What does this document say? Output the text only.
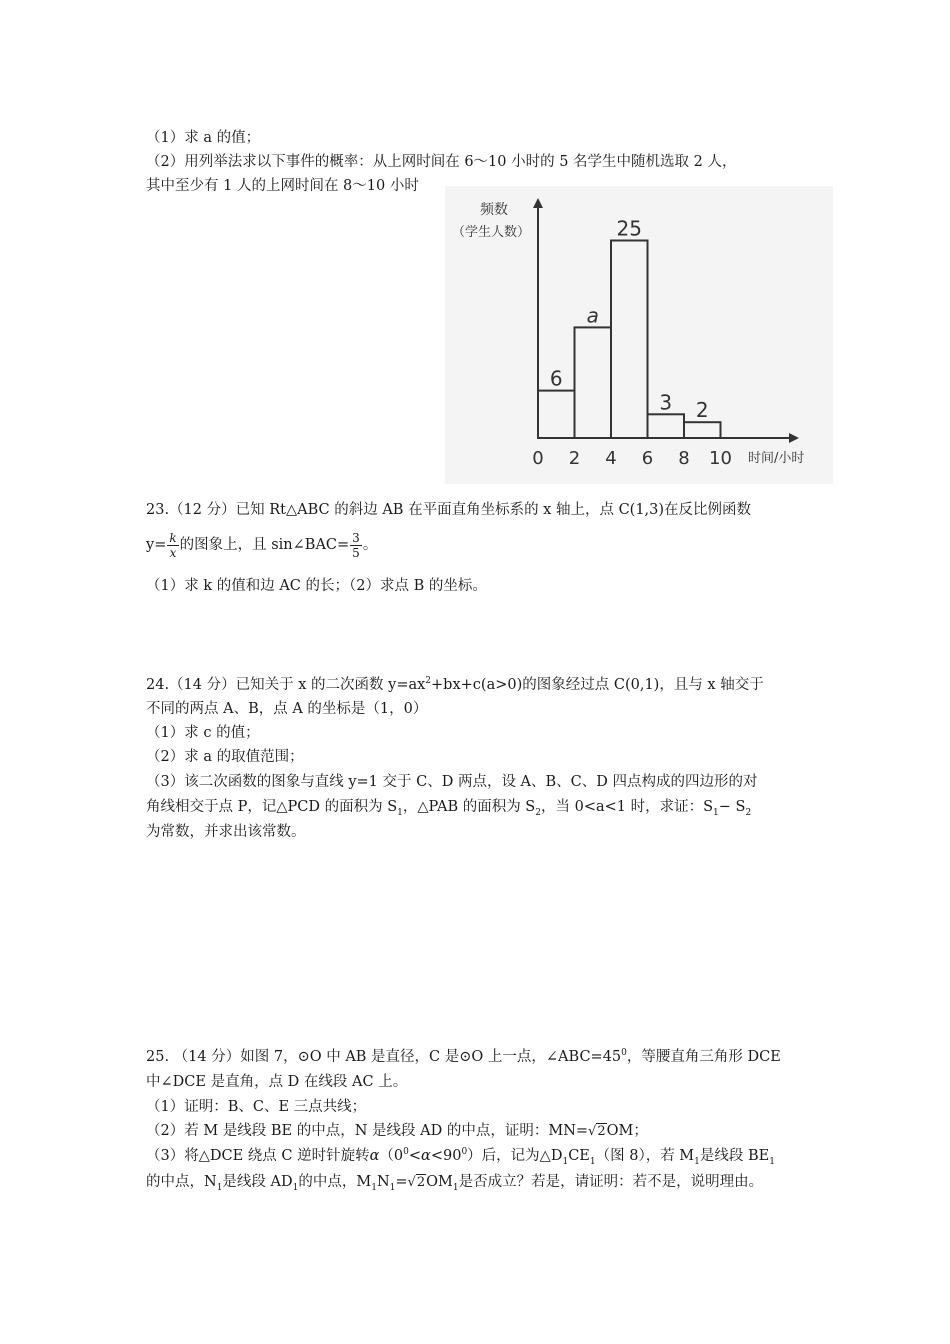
（1）求 a 的值；
（2）用列举法求以下事件的概率：从上网时间在 6～10 小时的 5 名学生中随机选取 2 人，
其中至少有 1 人的上网时间在 8～10 小时
频数
（学生人数）
时间/小时
6
a
25
3 2
0 2 4 6 8 10
23.（12 分）已知 Rt△ABC 的斜边 AB 在平面直角坐标系的 x 轴上，点 C(1,3)在反比例函数
$y= \frac{k}{x}$ 的图象上，且 sin∠BAC= $\frac{3}{5}$ 。
（1）求 k 的值和边 AC 的长；（2）求点 B 的坐标。
24.（14 分）已知关于 x 的二次函数 $y=ax^2+bx+c(a>0)$的图象经过点 C(0,1)，且与 x 轴交于
不同的两点 A、B，点 A 的坐标是（1，0）
（1）求 c 的值；
（2）求 a 的取值范围；
（3）该二次函数的图象与直线 y=1 交于 C、D 两点，设 A、B、C、D 四点构成的四边形的对
角线相交于点 P，记△PCD 的面积为 $S_1$，△PAB 的面积为 $S_2$，当 0<a<1 时，求证：$S_1- S_2$
为常数，并求出该常数。
25. （14 分）如图 7，⊙O 中 AB 是直径，C 是⊙O 上一点，$\angle ABC=45^0$，等腰直角三角形 DCE
中∠DCE 是直角，点 D 在线段 AC 上。
（1）证明：B、C、E 三点共线；
（2）若 M 是线段 BE 的中点，N 是线段 AD 的中点，证明：MN=√2OM；
（3）将△DCE 绕点 C 逆时针旋转$\alpha(0^0<\alpha<90^0)$后，记为$\triangle D_1CE_1$（图 8），若 $M_1$是线段 $BE_1$
的中点，$N_1$是线段 $AD_1$的中点，$M_1N_1=√2OM_1$是否成立？若是，请证明：若不是，说明理由。
